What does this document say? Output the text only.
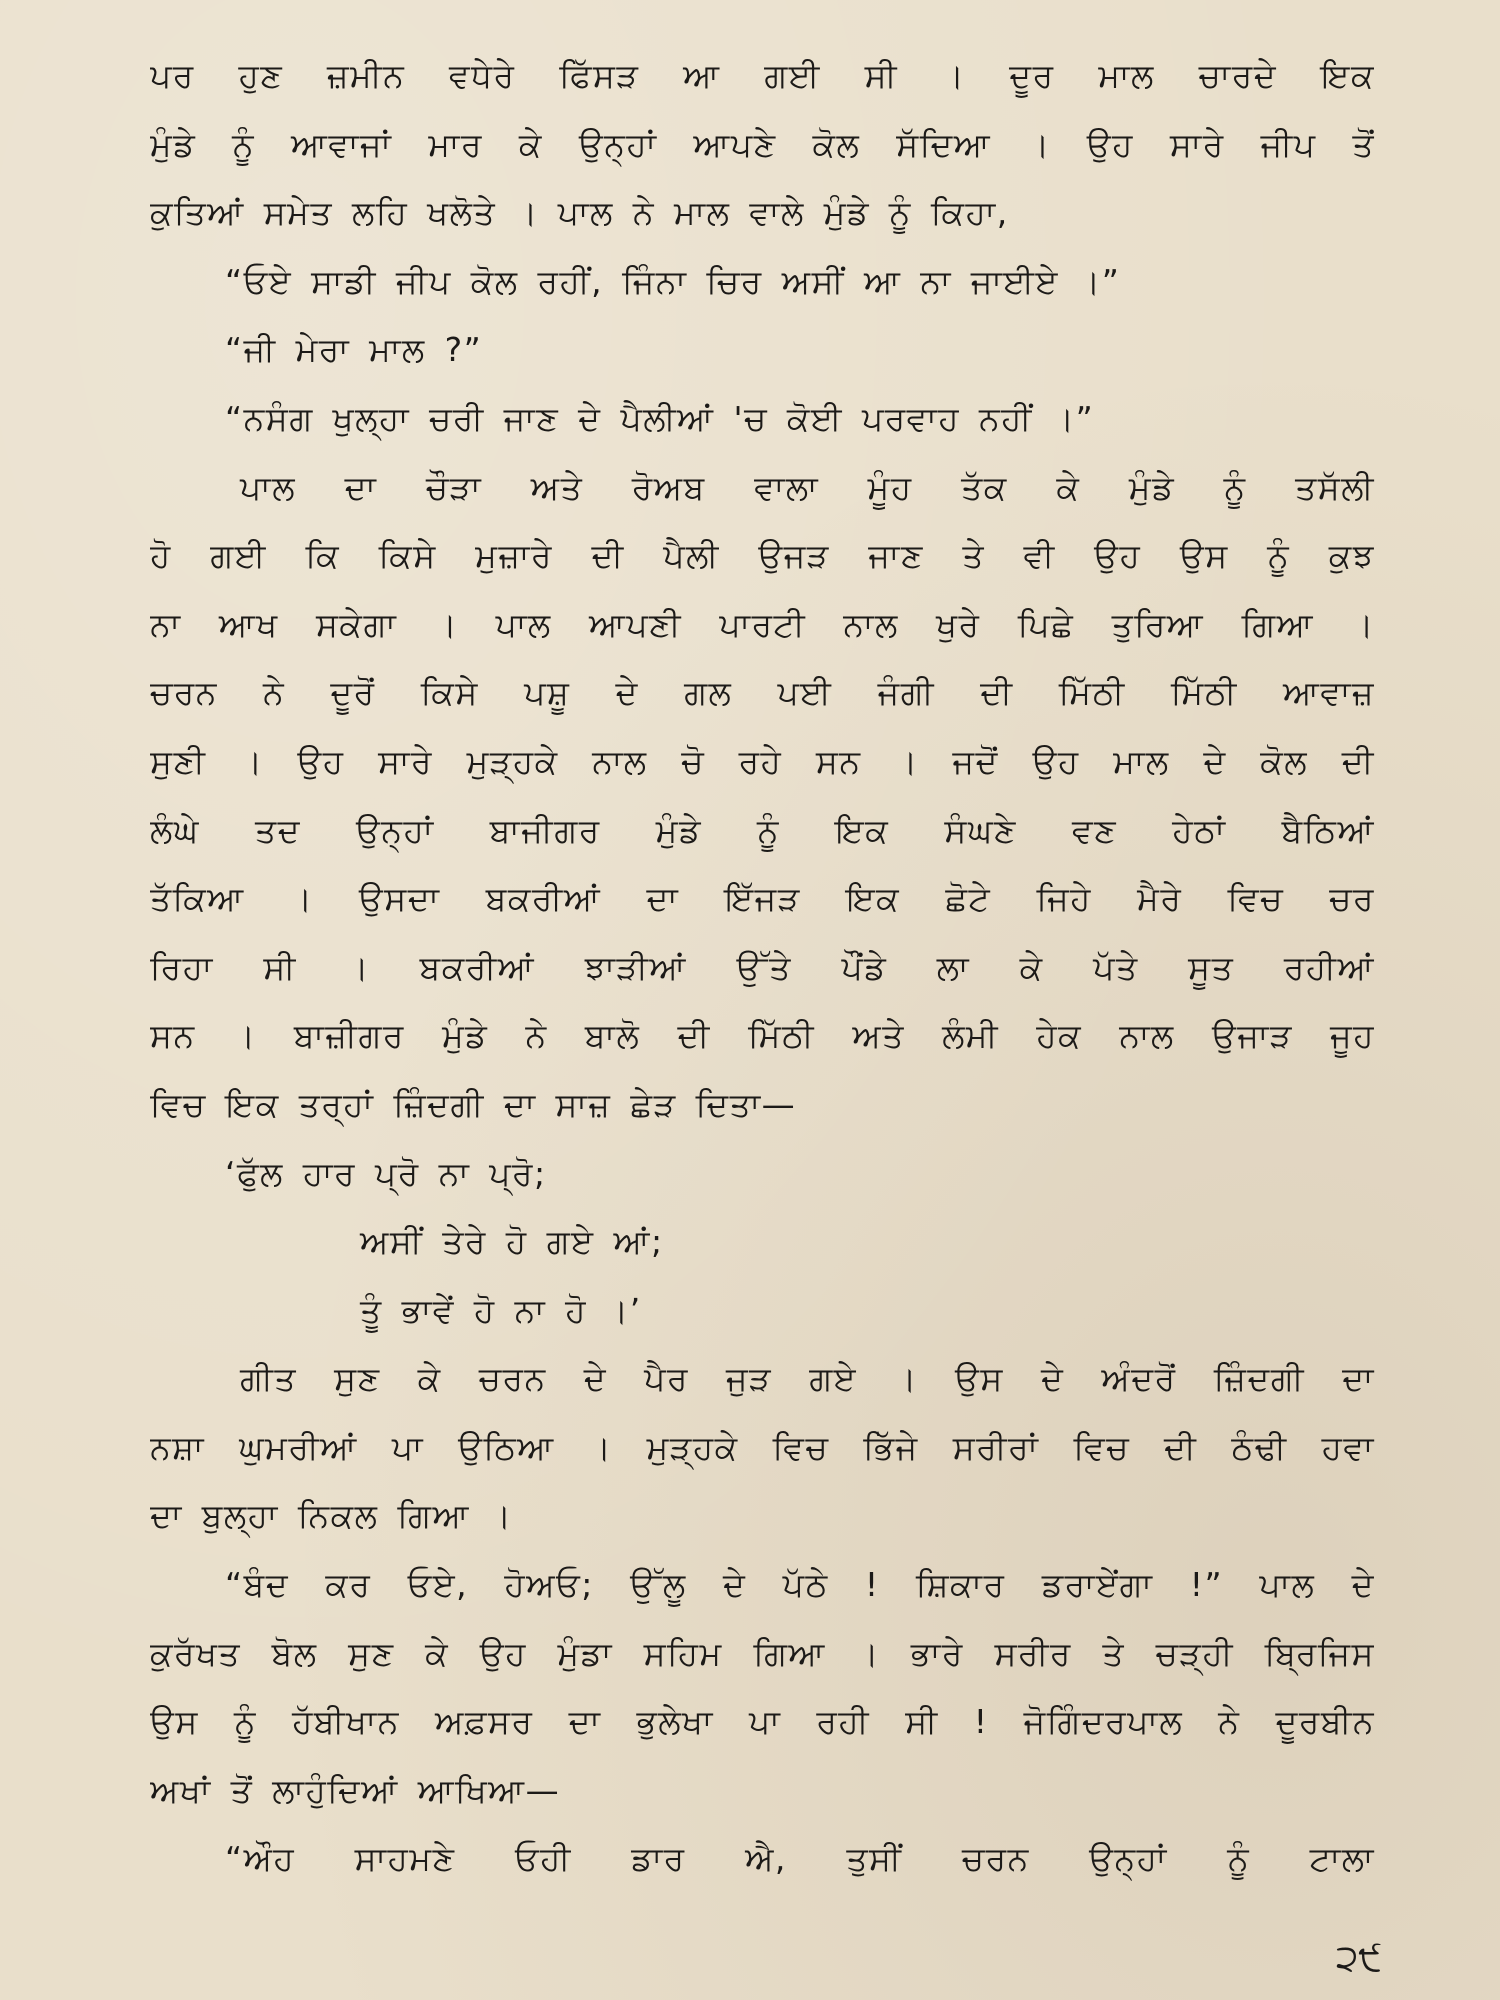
ਪਰ ਹੁਣ ਜ਼ਮੀਨ ਵਧੇਰੇ ਫਿੱਸੜ ਆ ਗਈ ਸੀ । ਦੂਰ ਮਾਲ ਚਾਰਦੇ ਇਕ
ਮੁੰਡੇ ਨੂੰ ਆਵਾਜਾਂ ਮਾਰ ਕੇ ਉਨ੍ਹਾਂ ਆਪਣੇ ਕੋਲ ਸੱਦਿਆ । ਉਹ ਸਾਰੇ ਜੀਪ ਤੋਂ
ਕੁਤਿਆਂ ਸਮੇਤ ਲਹਿ ਖਲੋਤੇ । ਪਾਲ ਨੇ ਮਾਲ ਵਾਲੇ ਮੁੰਡੇ ਨੂੰ ਕਿਹਾ,
“ਓਏ ਸਾਡੀ ਜੀਪ ਕੋਲ ਰਹੀਂ, ਜਿੰਨਾ ਚਿਰ ਅਸੀਂ ਆ ਨਾ ਜਾਈਏ ।”
“ਜੀ ਮੇਰਾ ਮਾਲ ?”
“ਨਸੰਗ ਖੁਲ੍ਹਾ ਚਰੀ ਜਾਣ ਦੇ ਪੈਲੀਆਂ 'ਚ ਕੋਈ ਪਰਵਾਹ ਨਹੀਂ ।”
ਪਾਲ ਦਾ ਚੌੜਾ ਅਤੇ ਰੋਅਬ ਵਾਲਾ ਮੂੰਹ ਤੱਕ ਕੇ ਮੁੰਡੇ ਨੂੰ ਤਸੱਲੀ
ਹੋ ਗਈ ਕਿ ਕਿਸੇ ਮੁਜ਼ਾਰੇ ਦੀ ਪੈਲੀ ਉਜੜ ਜਾਣ ਤੇ ਵੀ ਉਹ ਉਸ ਨੂੰ ਕੁਝ
ਨਾ ਆਖ ਸਕੇਗਾ । ਪਾਲ ਆਪਣੀ ਪਾਰਟੀ ਨਾਲ ਖੁਰੇ ਪਿਛੇ ਤੁਰਿਆ ਗਿਆ ।
ਚਰਨ ਨੇ ਦੂਰੋਂ ਕਿਸੇ ਪਸ਼ੂ ਦੇ ਗਲ ਪਈ ਜੰਗੀ ਦੀ ਮਿੱਠੀ ਮਿੱਠੀ ਆਵਾਜ਼
ਸੁਣੀ । ਉਹ ਸਾਰੇ ਮੁੜ੍ਹਕੇ ਨਾਲ ਚੋ ਰਹੇ ਸਨ । ਜਦੋਂ ਉਹ ਮਾਲ ਦੇ ਕੋਲ ਦੀ
ਲੰਘੇ ਤਦ ਉਨ੍ਹਾਂ ਬਾਜੀਗਰ ਮੁੰਡੇ ਨੂੰ ਇਕ ਸੰਘਣੇ ਵਣ ਹੇਠਾਂ ਬੈਠਿਆਂ
ਤੱਕਿਆ । ਉਸਦਾ ਬਕਰੀਆਂ ਦਾ ਇੱਜੜ ਇਕ ਛੋਟੇ ਜਿਹੇ ਮੈਰੇ ਵਿਚ ਚਰ
ਰਿਹਾ ਸੀ । ਬਕਰੀਆਂ ਝਾੜੀਆਂ ਉੱਤੇ ਪੌਂਡੇ ਲਾ ਕੇ ਪੱਤੇ ਸੂਤ ਰਹੀਆਂ
ਸਨ । ਬਾਜ਼ੀਗਰ ਮੁੰਡੇ ਨੇ ਬਾਲੋ ਦੀ ਮਿੱਠੀ ਅਤੇ ਲੰਮੀ ਹੇਕ ਨਾਲ ਉਜਾੜ ਜੂਹ
ਵਿਚ ਇਕ ਤਰ੍ਹਾਂ ਜ਼ਿੰਦਗੀ ਦਾ ਸਾਜ਼ ਛੇੜ ਦਿਤਾ—
‘ਫੁੱਲ ਹਾਰ ਪ੍ਰੋ ਨਾ ਪ੍ਰੋ;
ਅਸੀਂ ਤੇਰੇ ਹੋ ਗਏ ਆਂ;
ਤੂੰ ਭਾਵੇਂ ਹੋ ਨਾ ਹੋ ।’
ਗੀਤ ਸੁਣ ਕੇ ਚਰਨ ਦੇ ਪੈਰ ਜੁੜ ਗਏ । ਉਸ ਦੇ ਅੰਦਰੋਂ ਜ਼ਿੰਦਗੀ ਦਾ
ਨਸ਼ਾ ਘੁਮਰੀਆਂ ਪਾ ਉਠਿਆ । ਮੁੜ੍ਹਕੇ ਵਿਚ ਭਿੱਜੇ ਸਰੀਰਾਂ ਵਿਚ ਦੀ ਠੰਢੀ ਹਵਾ
ਦਾ ਬੁਲ੍ਹਾ ਨਿਕਲ ਗਿਆ ।
“ਬੰਦ ਕਰ ਓਏ, ਹੋਅਓ; ਉੱਲੂ ਦੇ ਪੱਠੇ ! ਸ਼ਿਕਾਰ ਡਰਾਏਂਗਾ !” ਪਾਲ ਦੇ
ਕੁਰੱਖਤ ਬੋਲ ਸੁਣ ਕੇ ਉਹ ਮੁੰਡਾ ਸਹਿਮ ਗਿਆ । ਭਾਰੇ ਸਰੀਰ ਤੇ ਚੜ੍ਹੀ ਬ੍ਰਿਜਿਸ
ਉਸ ਨੂੰ ਹੱਬੀਖਾਨ ਅਫ਼ਸਰ ਦਾ ਭੁਲੇਖਾ ਪਾ ਰਹੀ ਸੀ ! ਜੋਗਿੰਦਰਪਾਲ ਨੇ ਦੂਰਬੀਨ
ਅਖਾਂ ਤੋਂ ਲਾਹੁੰਦਿਆਂ ਆਖਿਆ—
“ਔਹ ਸਾਹਮਣੇ ਓਹੀ ਡਾਰ ਐ, ਤੁਸੀਂ ਚਰਨ ਉਨ੍ਹਾਂ ਨੂੰ ਟਾਲਾ
੨੯
